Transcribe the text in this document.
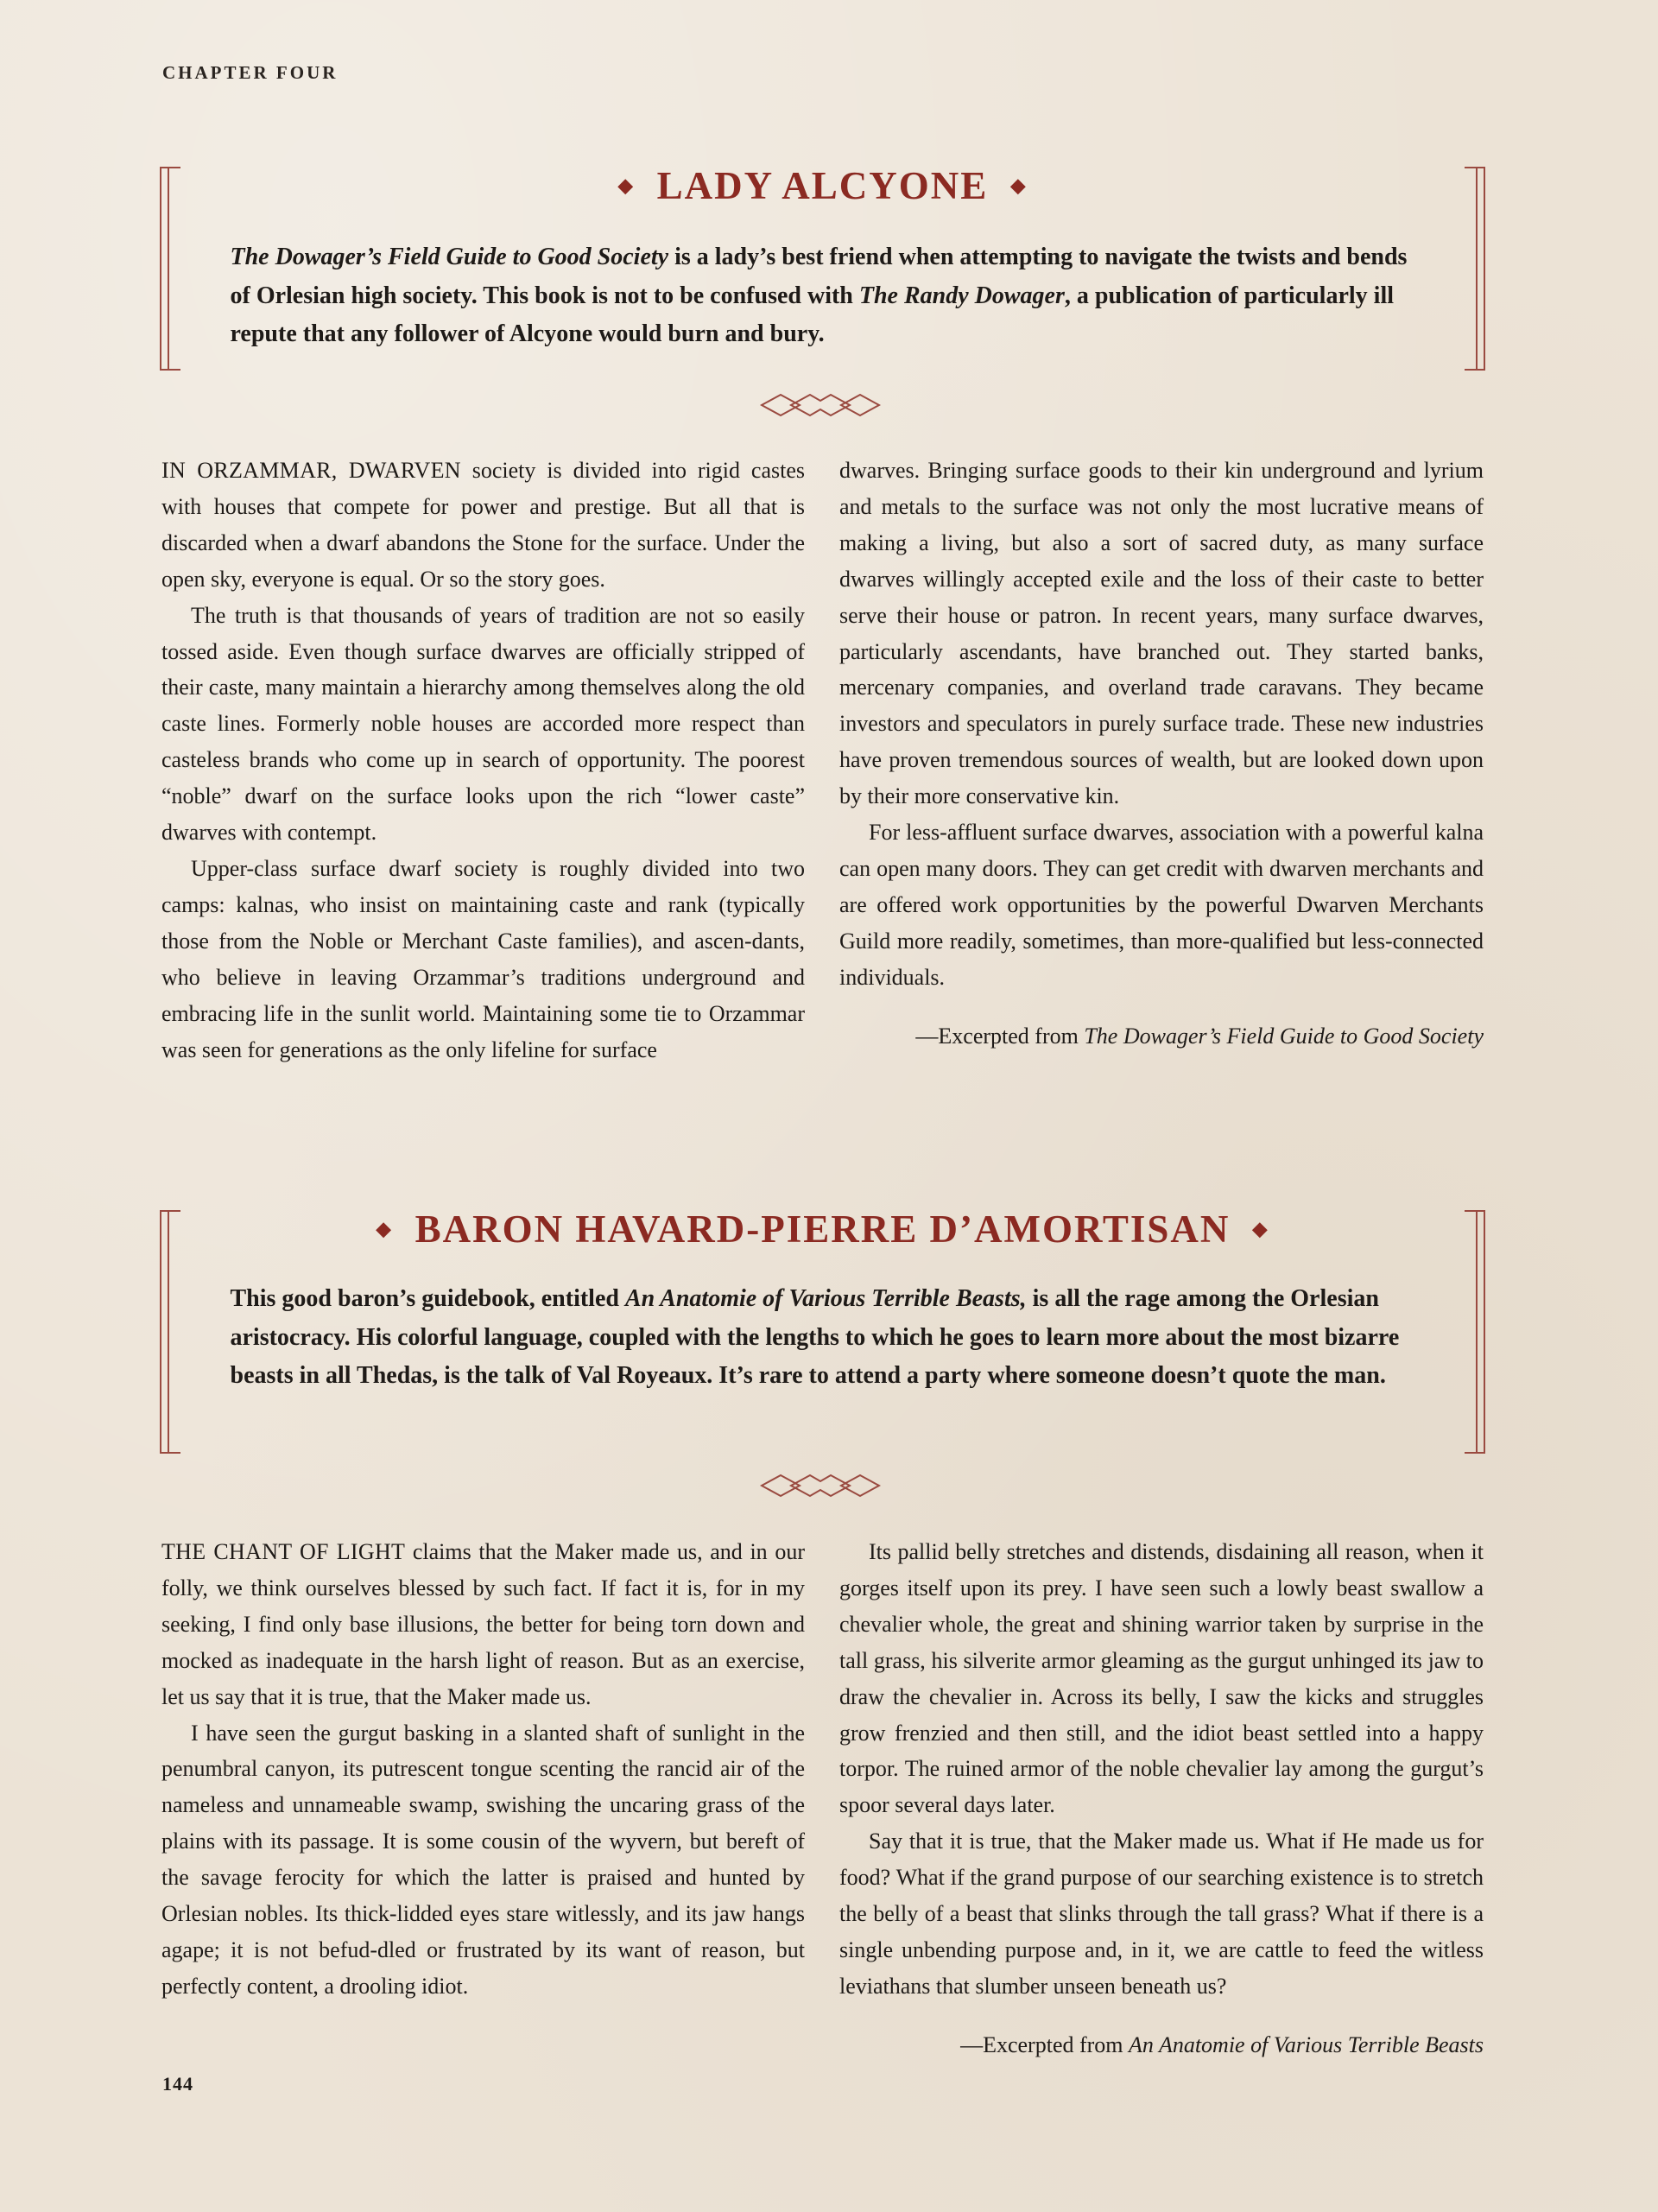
CHAPTER FOUR
◆ LADY ALCYONE ◆

The Dowager’s Field Guide to Good Society is a lady’s best friend when attempting to navigate the twists and bends of Orlesian high society. This book is not to be confused with The Randy Dowager, a publication of particularly ill repute that any follower of Alcyone would burn and bury.

IN ORZAMMAR, DWARVEN society is divided into rigid castes with houses that compete for power and prestige. But all that is discarded when a dwarf abandons the Stone for the surface. Under the open sky, everyone is equal. Or so the story goes.

The truth is that thousands of years of tradition are not so easily tossed aside. Even though surface dwarves are officially stripped of their caste, many maintain a hierarchy among themselves along the old caste lines. Formerly noble houses are accorded more respect than casteless brands who come up in search of opportunity. The poorest “noble” dwarf on the surface looks upon the rich “lower caste” dwarves with contempt.

Upper-class surface dwarf society is roughly divided into two camps: kalnas, who insist on maintaining caste and rank (typically those from the Noble or Merchant Caste families), and ascen-dants, who believe in leaving Orzammar’s traditions underground and embracing life in the sunlit world. Maintaining some tie to Orzammar was seen for generations as the only lifeline for surface

dwarves. Bringing surface goods to their kin underground and lyrium and metals to the surface was not only the most lucrative means of making a living, but also a sort of sacred duty, as many surface dwarves willingly accepted exile and the loss of their caste to better serve their house or patron. In recent years, many surface dwarves, particularly ascendants, have branched out. They started banks, mercenary companies, and overland trade caravans. They became investors and speculators in purely surface trade. These new industries have proven tremendous sources of wealth, but are looked down upon by their more conservative kin.

For less-affluent surface dwarves, association with a powerful kalna can open many doors. They can get credit with dwarven merchants and are offered work opportunities by the powerful Dwarven Merchants Guild more readily, sometimes, than more-qualified but less-connected individuals.

—Excerpted from The Dowager’s Field Guide to Good Society

◆ BARON HAVARD-PIERRE D’AMORTISAN ◆

This good baron’s guidebook, entitled An Anatomie of Various Terrible Beasts, is all the rage among the Orlesian aristocracy. His colorful language, coupled with the lengths to which he goes to learn more about the most bizarre beasts in all Thedas, is the talk of Val Royeaux. It’s rare to attend a party where someone doesn’t quote the man.

THE CHANT OF LIGHT claims that the Maker made us, and in our folly, we think ourselves blessed by such fact. If fact it is, for in my seeking, I find only base illusions, the better for being torn down and mocked as inadequate in the harsh light of reason. But as an exercise, let us say that it is true, that the Maker made us.

I have seen the gurgut basking in a slanted shaft of sunlight in the penumbral canyon, its putrescent tongue scenting the rancid air of the nameless and unnameable swamp, swishing the uncaring grass of the plains with its passage. It is some cousin of the wyvern, but bereft of the savage ferocity for which the latter is praised and hunted by Orlesian nobles. Its thick-lidded eyes stare witlessly, and its jaw hangs agape; it is not befud-dled or frustrated by its want of reason, but perfectly content, a drooling idiot.

Its pallid belly stretches and distends, disdaining all reason, when it gorges itself upon its prey. I have seen such a lowly beast swallow a chevalier whole, the great and shining warrior taken by surprise in the tall grass, his silverite armor gleaming as the gurgut unhinged its jaw to draw the chevalier in. Across its belly, I saw the kicks and struggles grow frenzied and then still, and the idiot beast settled into a happy torpor. The ruined armor of the noble chevalier lay among the gurgut’s spoor several days later.

Say that it is true, that the Maker made us. What if He made us for food? What if the grand purpose of our searching existence is to stretch the belly of a beast that slinks through the tall grass? What if there is a single unbending purpose and, in it, we are cattle to feed the witless leviathans that slumber unseen beneath us?

—Excerpted from An Anatomie of Various Terrible Beasts

144
